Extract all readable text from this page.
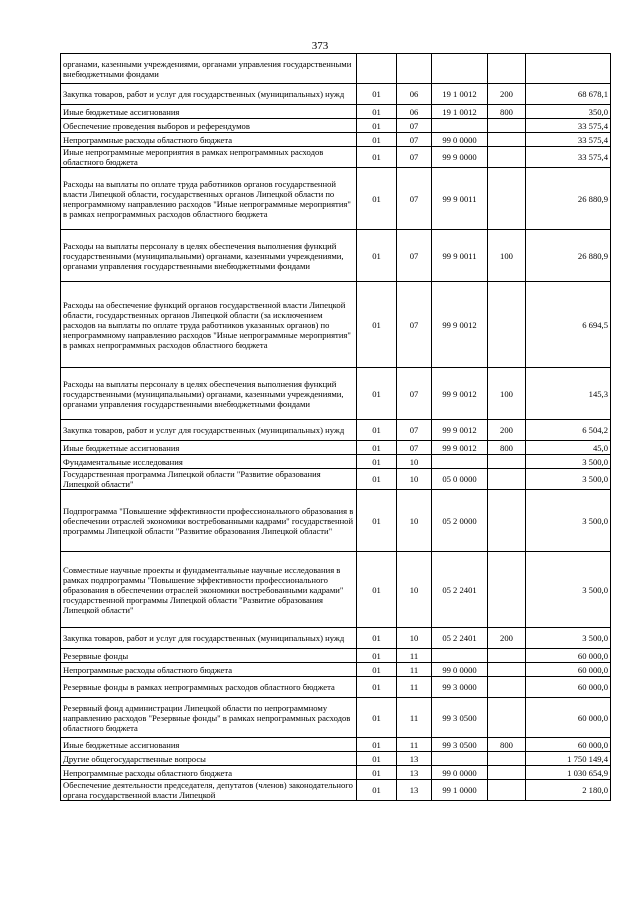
373
органами, казенными учреждениями, органами управления государственными внебюджетными фондами					
Закупка товаров, работ и услуг для государственных (муниципальных) нужд	01	06	19 1 0012	200	68 678,1
Иные бюджетные ассигнования	01	06	19 1 0012	800	350,0
Обеспечение проведения выборов и референдумов	01	07			33 575,4
Непрограммные расходы областного бюджета	01	07	99 0 0000		33 575,4
Иные непрограммные мероприятия в рамках непрограммных расходов областного бюджета	01	07	99 9 0000		33 575,4
Расходы на выплаты по оплате труда работников органов государственной власти Липецкой области, государственных органов Липецкой области по непрограммному направлению расходов "Иные непрограммные мероприятия" в рамках непрограммных расходов областного бюджета	01	07	99 9 0011		26 880,9
Расходы на выплаты персоналу в целях обеспечения выполнения функций государственными (муниципальными) органами, казенными учреждениями, органами управления государственными внебюджетными фондами	01	07	99 9 0011	100	26 880,9
Расходы на обеспечение функций органов государственной власти Липецкой области, государственных органов Липецкой области (за исключением расходов на выплаты по оплате труда работников указанных органов) по непрограммному направлению расходов "Иные непрограммные мероприятия" в рамках непрограммных расходов областного бюджета	01	07	99 9 0012		6 694,5
Расходы на выплаты персоналу в целях обеспечения выполнения функций государственными (муниципальными) органами, казенными учреждениями, органами управления государственными внебюджетными фондами	01	07	99 9 0012	100	145,3
Закупка товаров, работ и услуг для государственных (муниципальных) нужд	01	07	99 9 0012	200	6 504,2
Иные бюджетные ассигнования	01	07	99 9 0012	800	45,0
Фундаментальные исследования	01	10			3 500,0
Государственная программа Липецкой области "Развитие образования Липецкой области"	01	10	05 0 0000		3 500,0
Подпрограмма "Повышение эффективности профессионального образования в обеспечении отраслей экономики востребованными кадрами" государственной программы Липецкой области "Развитие образования Липецкой области"	01	10	05 2 0000		3 500,0
Совместные научные проекты и фундаментальные научные исследования в рамках подпрограммы "Повышение эффективности профессионального образования в обеспечении отраслей экономики востребованными кадрами" государственной программы Липецкой области "Развитие образования Липецкой области"	01	10	05 2 2401		3 500,0
Закупка товаров, работ и услуг для государственных (муниципальных) нужд	01	10	05 2 2401	200	3 500,0
Резервные фонды	01	11			60 000,0
Непрограммные расходы областного бюджета	01	11	99 0 0000		60 000,0
Резервные фонды в рамках непрограммных расходов областного бюджета	01	11	99 3 0000		60 000,0
Резервный фонд администрации Липецкой области по непрограммному направлению расходов "Резервные фонды" в рамках непрограммных расходов областного бюджета	01	11	99 3 0500		60 000,0
Иные бюджетные ассигнования	01	11	99 3 0500	800	60 000,0
Другие общегосударственные вопросы	01	13			1 750 149,4
Непрограммные расходы областного бюджета	01	13	99 0 0000		1 030 654,9
Обеспечение деятельности председателя, депутатов (членов) законодательного органа государственной власти Липецкой	01	13	99 1 0000		2 180,0
